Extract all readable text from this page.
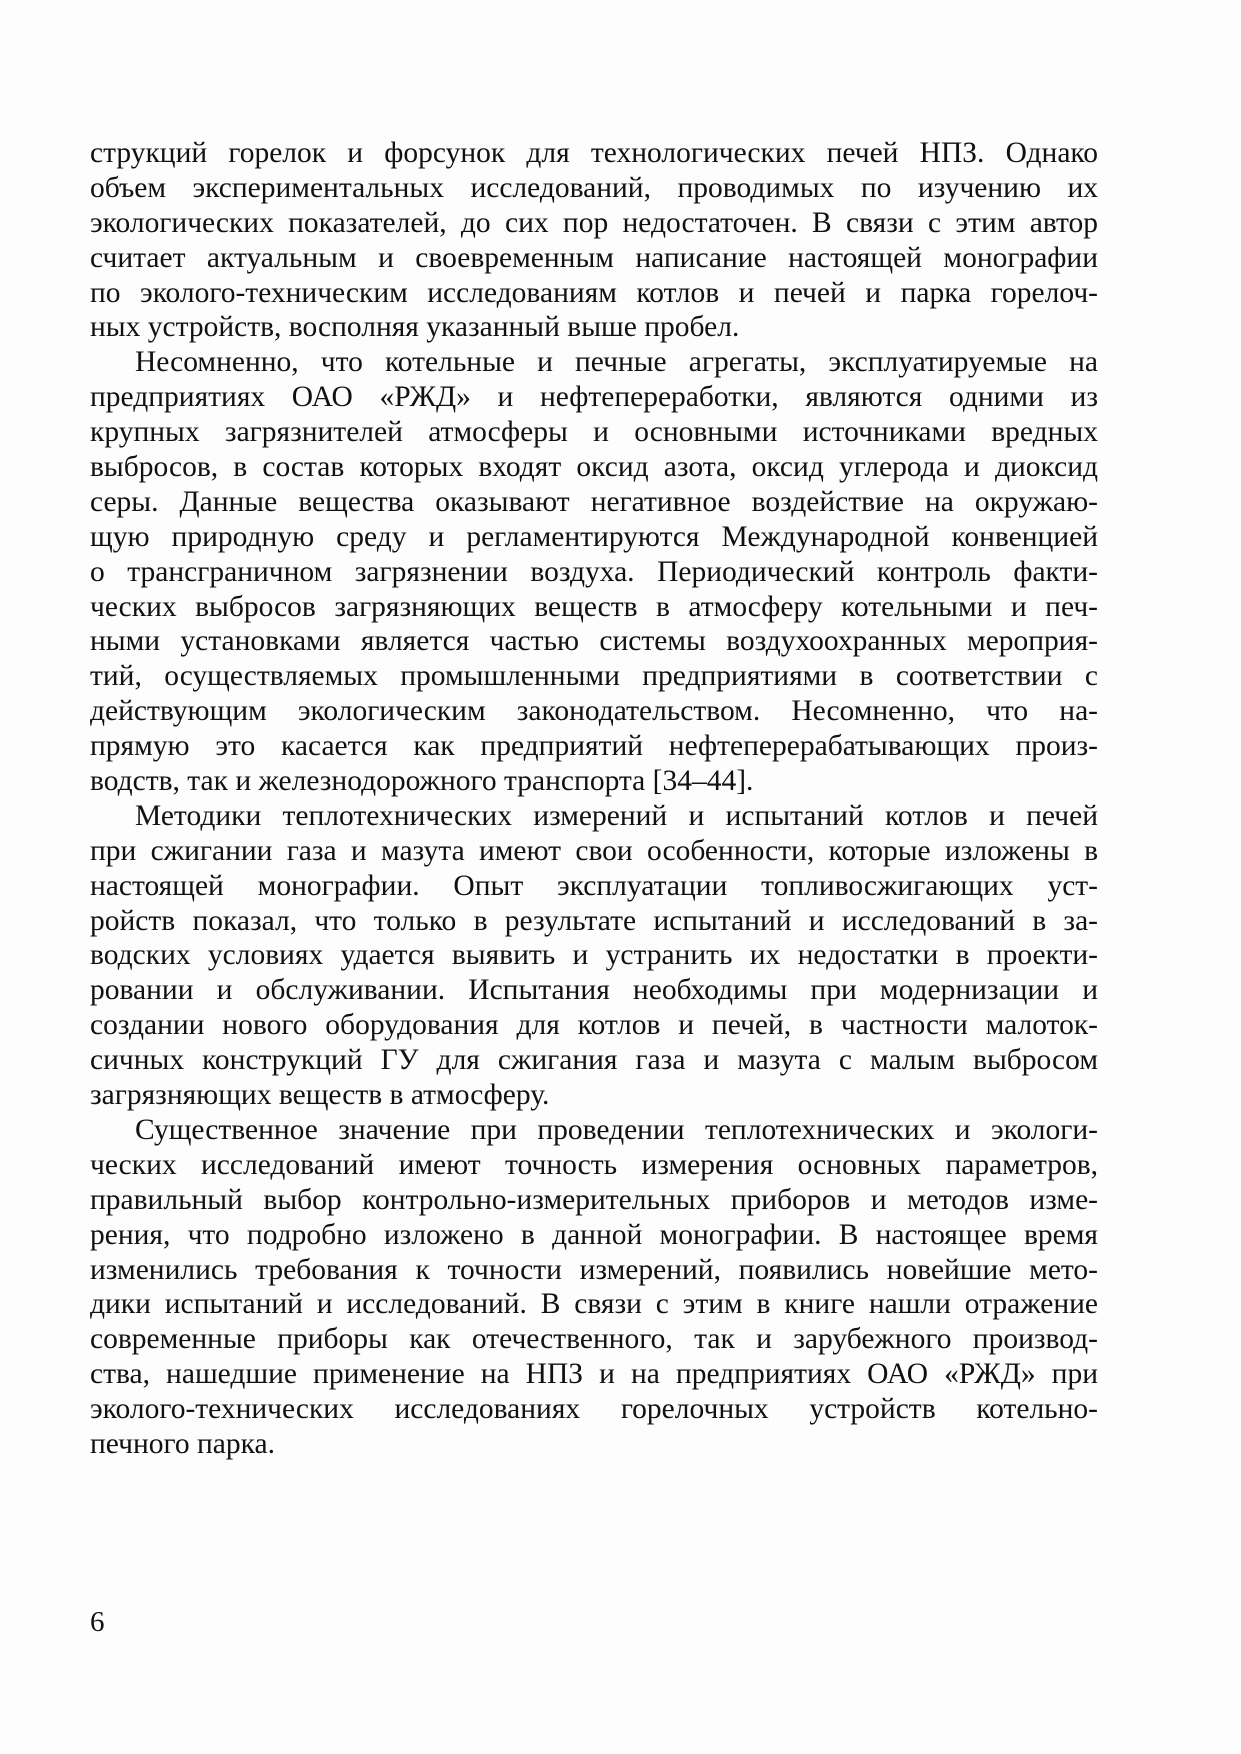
струкций горелок и форсунок для технологических печей НПЗ. Однако
объем экспериментальных исследований, проводимых по изучению их
экологических показателей, до сих пор недостаточен. В связи с этим автор
считает актуальным и своевременным написание настоящей монографии
по эколого-техническим исследованиям котлов и печей и парка горелоч-
ных устройств, восполняя указанный выше пробел.
Несомненно, что котельные и печные агрегаты, эксплуатируемые на
предприятиях ОАО «РЖД» и нефтепереработки, являются одними из
крупных загрязнителей атмосферы и основными источниками вредных
выбросов, в состав которых входят оксид азота, оксид углерода и диоксид
серы. Данные вещества оказывают негативное воздействие на окружаю-
щую природную среду и регламентируются Международной конвенцией
о трансграничном загрязнении воздуха. Периодический контроль факти-
ческих выбросов загрязняющих веществ в атмосферу котельными и печ-
ными установками является частью системы воздухоохранных мероприя-
тий, осуществляемых промышленными предприятиями в соответствии с
действующим экологическим законодательством. Несомненно, что на-
прямую это касается как предприятий нефтеперерабатывающих произ-
водств, так и железнодорожного транспорта [34–44].
Методики теплотехнических измерений и испытаний котлов и печей
при сжигании газа и мазута имеют свои особенности, которые изложены в
настоящей монографии. Опыт эксплуатации топливосжигающих уст-
ройств показал, что только в результате испытаний и исследований в за-
водских условиях удается выявить и устранить их недостатки в проекти-
ровании и обслуживании. Испытания необходимы при модернизации и
создании нового оборудования для котлов и печей, в частности малоток-
сичных конструкций ГУ для сжигания газа и мазута с малым выбросом
загрязняющих веществ в атмосферу.
Существенное значение при проведении теплотехнических и экологи-
ческих исследований имеют точность измерения основных параметров,
правильный выбор контрольно-измерительных приборов и методов изме-
рения, что подробно изложено в данной монографии. В настоящее время
изменились требования к точности измерений, появились новейшие мето-
дики испытаний и исследований. В связи с этим в книге нашли отражение
современные приборы как отечественного, так и зарубежного производ-
ства, нашедшие применение на НПЗ и на предприятиях ОАО «РЖД» при
эколого-технических исследованиях горелочных устройств котельно-
печного парка.
6
